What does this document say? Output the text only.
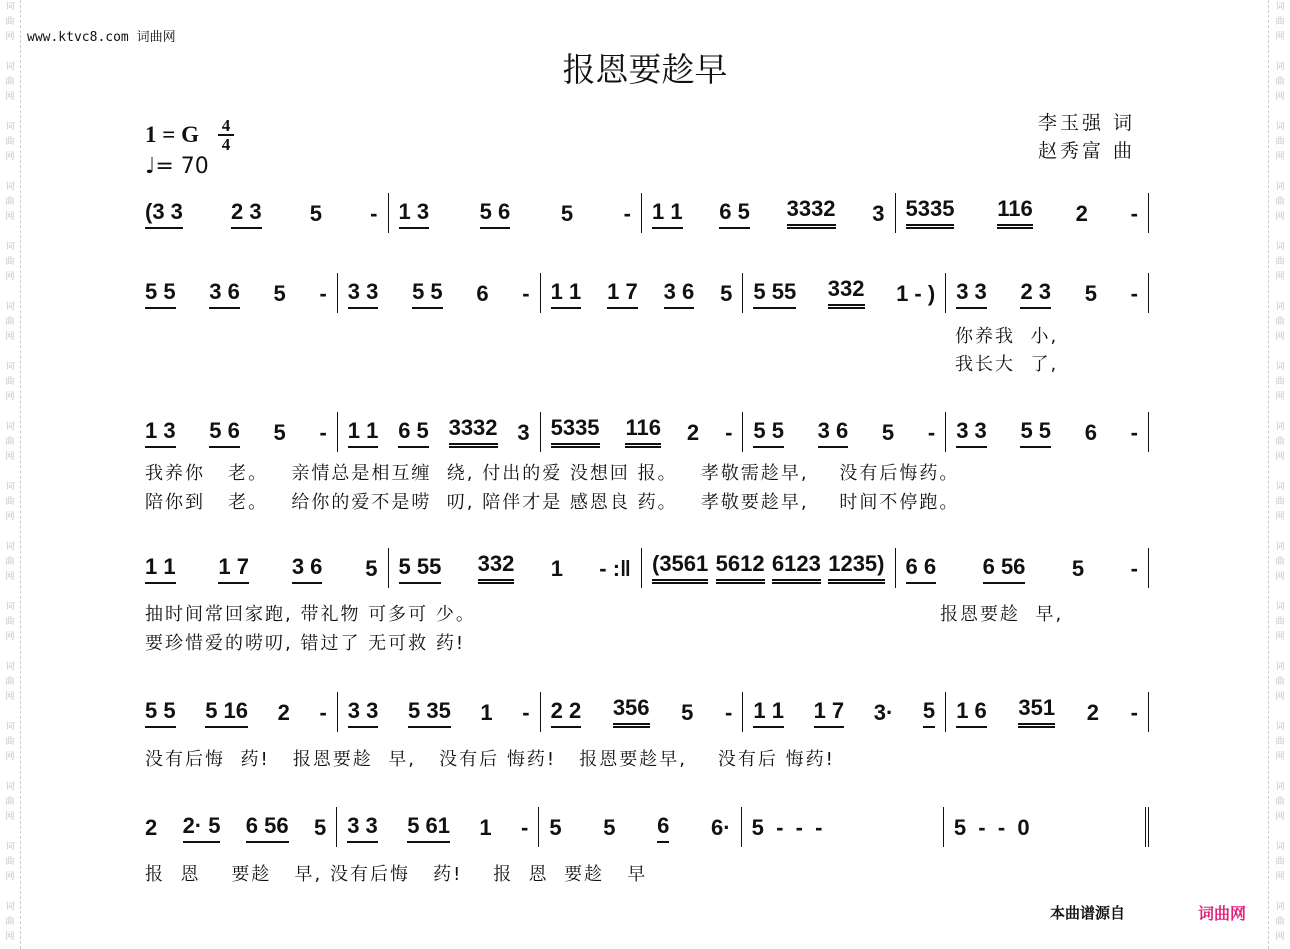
词
曲
网
词
曲
网
词
曲
网
词
曲
网
词
曲
网
词
曲
网
词
曲
网
词
曲
网
词
曲
网
词
曲
网
词
曲
网
词
曲
网
词
曲
网
词
曲
网
词
曲
网
词
曲
网
词
曲
网
词
曲
网
词
曲
网
词
曲
网
词
曲
网
词
曲
网
词
曲
网
词
曲
网
词
曲
网
词
曲
网
词
曲
网
词
曲
网
词
曲
网
词
曲
网
词
曲
网
词
曲
网
www.ktvc8.com 词曲网
报恩要趁早
1 = G 4
4
♩= 70
李玉强 词
赵秀富 曲
(3 3 2 3 5 - 1 3 5 6 5 - 1 1 6 5 3332 3 5335 116 2 -
5 5 3 6 5 - 3 3 5 5 6 - 1 1 1 7 3 6 5 5 55 332 1 - ) 3 3 2 3 5 -
1 3 5 6 5 - 1 1 6 5 3332 3 5335 116 2 - 5 5 3 6 5 - 3 3 5 5 6 -
1 1 1 7 3 6 5 5 55 332 1 - :‖ (3561 5612 6123 1235) 6 6 6 56 5 -
5 5 5 16 2 - 3 3 5 35 1 - 2 2 356 5 - 1 1 1 7 3· 5 1 6 351 2 -
2 2· 5 6 56 5 3 3 5 61 1 - 5 5 6 6· 5  -  -  -	5  -  -  0
你养我  小,
我长大  了,
我养你   老。   亲情总是相互缠  绕, 付出的爱 没想回 报。   孝敬需趁早,    没有后悔药。
陪你到   老。   给你的爱不是唠  叨, 陪伴才是 感恩良 药。   孝敬要趁早,    时间不停跑。
抽时间常回家跑, 带礼物 可多可 少。	报恩要趁  早,
要珍惜爱的唠叨, 错过了 无可救 药!
没有后悔  药!   报恩要趁  早,   没有后 悔药!   报恩要趁早,    没有后 悔药!
报  恩    要趁   早, 没有后悔   药!    报  恩  要趁   早
本曲谱源自	词曲网
